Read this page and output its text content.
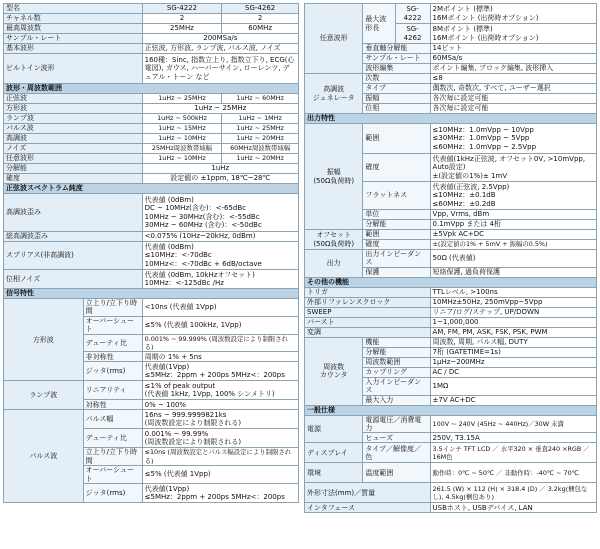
型名	SG-4222	SG-4262
チャネル数	2	2
最高周波数	25MHz	60MHz
サンプル・レート	200MSa/s
基本波形	正弦波, 方形波, ランプ波, パルス波, ノイズ
ビルトイン波形	160種：Sinc, 指数立上り, 指数立下り, ECG(心電図), ガウス, ハーバーサイン, ローレンツ, デュアル・トーン など
波形・周波数範囲
正弦波	1uHz ~ 25MHz	1uHz ~ 60MHz
方形波	1uHz ~ 25MHz
ランプ波	1uHz ~ 500kHz	1uHz ~ 1MHz
パルス波	1uHz ~ 15MHz	1uHz ~ 25MHz
高調波	1uHz ~ 10MHz	1uHz ~ 20MHz
ノイズ	25MHz周波数帯域幅	60MHz周波数帯域幅
任意波形	1uHz ~ 10MHz	1uHz ~ 20MHz
分解能	1uHz
確度	設定値の ±1ppm, 18℃~28℃
正弦波スペクトラム純度
高調波歪み	代表値 (0dBm)
DC ~ 10MHz(含む)：<-65dBc
10MHz ~ 30MHz(含む)：<-55dBc
30MHz ~ 60MHz (含む)：<-50dBc
総高調波歪み	<0.075% (10Hz~20kHz, 0dBm)
スプリアス(非高調波)	代表値 (0dBm)
≤10MHz：<-70dBc
10MHz<：<-70dBc + 6dB/octave
位相ノイズ	代表値 (0dBm, 10kHzオフセット)
10MHz：<-125dBc /Hz
信号特性
方形波	立上り/立下り時間	<10ns (代表値 1Vpp)
オーバーシュート	≤5% (代表値 100kHz, 1Vpp)
デューティ比	0.001% ~ 99.999% (周波数設定により制限される)
非対称性	周期の 1% + 5ns
ジッタ(rms)	代表値(1Vpp)
≤5MHz：2ppm + 200ps 5MHz<：200ps
ランプ波	リニアリティ	≤1% of peak output
(代表値 1kHz, 1Vpp, 100% シンメトリ)
対称性	0% ~ 100%
パルス波	パルス幅	16ns ~ 999.9999821ks
(周波数設定により制限される)
デューティ比	0.001% ~ 99.99%
(周波数設定により制限される)
立上り/立下り時間	≤10ns (周波数設定とパルス幅設定により制限される)
オーバーシュート	≤5% (代表値 1Vpp)
ジッタ(rms)	代表値(1Vpp)
≤5MHz：2ppm + 200ps 5MHz<：200ps
任意波形	最大波形長	SG-4222	2Mポイント (標準)
16Mポイント (出荷時オプション)
SG-4262	8Mポイント (標準)
16Mポイント (出荷時オプション)
垂直軸分解能	14ビット
サンプル・レート	60MSa/s
波形編集	ポイント編集, ブロック編集, 波形挿入
高調波
ジェネレータ	次数	≤8
タイプ	偶数次, 奇数次, すべて, ユーザー選択
振幅	各次毎に設定可能
位相	各次毎に設定可能
出力特性
振幅
(50Ω負荷時)	範囲	≤10MHz：1.0mVpp ~ 10Vpp
≤30MHz：1.0mVpp ~ 5Vpp
≤60MHz：1.0mVpp ~ 2.5Vpp
確度	代表値(1kHz正弦波, オフセット0V, >10mVpp, Auto設定)
±(設定値の1%)± 1mV
フラットネス	代表値(正弦波, 2.5Vpp)
≤10MHz：±0.1dB
≤60MHz：±0.2dB
単位	Vpp, Vrms, dBm
分解能	0.1mVpp または 4桁
オフセット
(50Ω負荷時)	範囲	±5Vpk AC+DC
確度	±(設定値の1% + 5mV + 振幅の0.5%)
出力	出力インピーダンス	50Ω (代表値)
保護	短絡保護, 過負荷保護
その他の機能
トリガ	TTLレベル, >100ns
外部リファレンスクロック	10MHz±50Hz, 250mVpp~5Vpp
SWEEP	リニア/ログ/ステップ, UP/DOWN
バースト	1~1,000,000
変調	AM, FM, PM, ASK, FSK, PSK, PWM
周波数
カウンタ	機能	周波数, 周期, パルス幅, DUTY
分解能	7桁 (GATETIME=1s)
周波数範囲	1μHz~200MHz
カップリング	AC / DC
入力インピーダンス	1MΩ
最大入力	±7V AC+DC
一般仕様
電源	電源電圧／消費電力	100V ~ 240V (45Hz ~ 440Hz)／30W 未満
ヒューズ	250V, T3.15A
ディスプレイ	タイプ／解像度／色	3.5インチ TFT LCD ／ 水平320 × 垂直240 ×RGB ／ 16M色
環境	温度範囲	動作時：0℃ ~ 50℃ ／ 非動作時：-40℃ ~ 70℃
外形寸法(mm)／質量	261.5 (W) × 112 (H) × 318.4 (D) ／ 3.2kg(梱包なし), 4.5kg(梱包あり)
インタフェース	USBホスト, USBデバイス, LAN
